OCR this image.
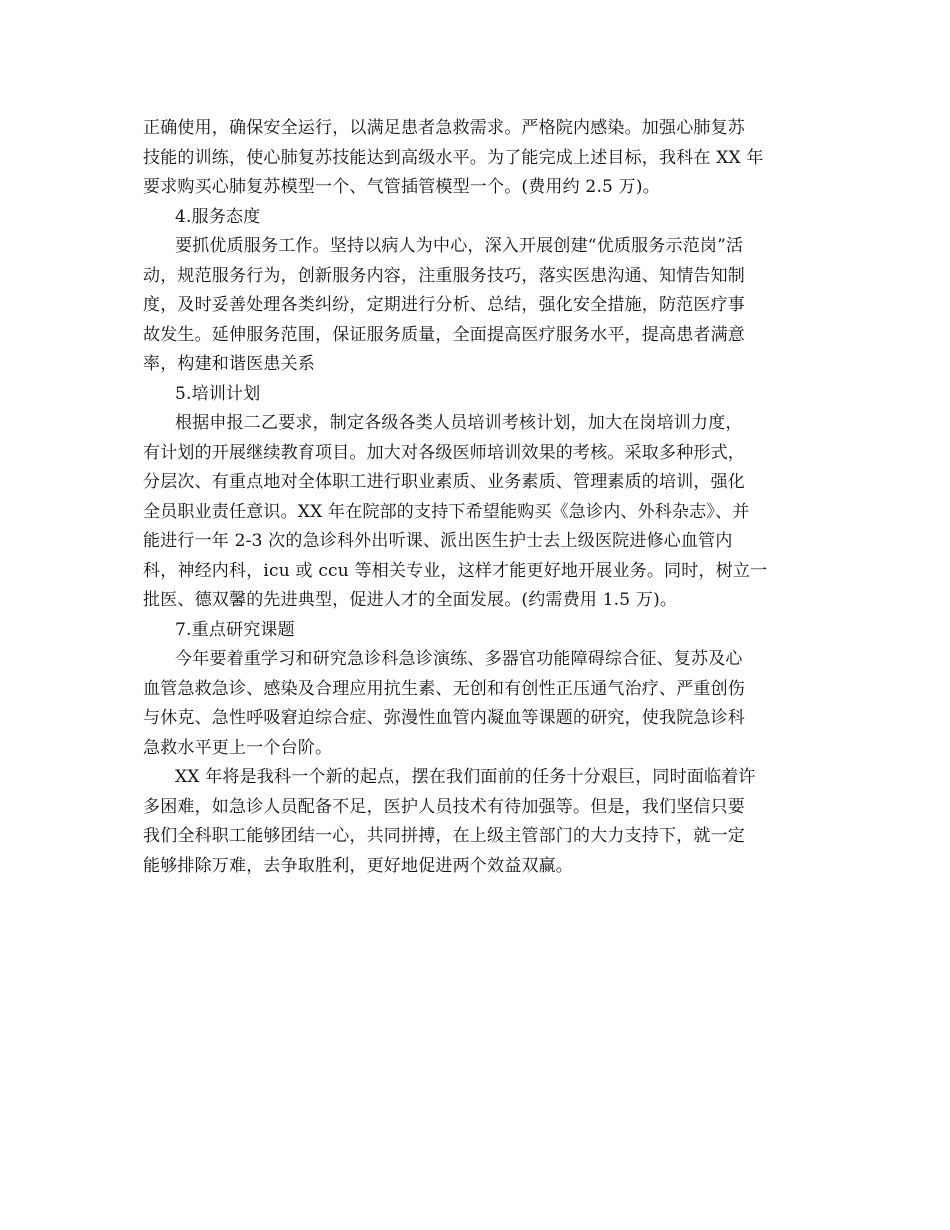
正确使用，确保安全运行，以满足患者急救需求。严格院内感染。加强心肺复苏
技能的训练，使心肺复苏技能达到高级水平。为了能完成上述目标，我科在 XX 年
要求购买心肺复苏模型一个、气管插管模型一个。(费用约 2.5 万)。
4.服务态度
要抓优质服务工作。坚持以病人为中心，深入开展创建“优质服务示范岗”活
动，规范服务行为，创新服务内容，注重服务技巧，落实医患沟通、知情告知制
度，及时妥善处理各类纠纷，定期进行分析、总结，强化安全措施，防范医疗事
故发生。延伸服务范围，保证服务质量，全面提高医疗服务水平，提高患者满意
率，构建和谐医患关系
5.培训计划
根据申报二乙要求，制定各级各类人员培训考核计划，加大在岗培训力度，
有计划的开展继续教育项目。加大对各级医师培训效果的考核。采取多种形式，
分层次、有重点地对全体职工进行职业素质、业务素质、管理素质的培训，强化
全员职业责任意识。XX 年在院部的支持下希望能购买《急诊内、外科杂志》、并
能进行一年 2-3 次的急诊科外出听课、派出医生护士去上级医院进修心血管内
科，神经内科，icu 或 ccu 等相关专业，这样才能更好地开展业务。同时，树立一
批医、德双馨的先进典型，促进人才的全面发展。(约需费用 1.5 万)。
7.重点研究课题
今年要着重学习和研究急诊科急诊演练、多器官功能障碍综合征、复苏及心
血管急救急诊、感染及合理应用抗生素、无创和有创性正压通气治疗、严重创伤
与休克、急性呼吸窘迫综合症、弥漫性血管内凝血等课题的研究，使我院急诊科
急救水平更上一个台阶。
XX 年将是我科一个新的起点，摆在我们面前的任务十分艰巨，同时面临着许
多困难，如急诊人员配备不足，医护人员技术有待加强等。但是，我们坚信只要
我们全科职工能够团结一心，共同拼搏，在上级主管部门的大力支持下，就一定
能够排除万难，去争取胜利，更好地促进两个效益双赢。
